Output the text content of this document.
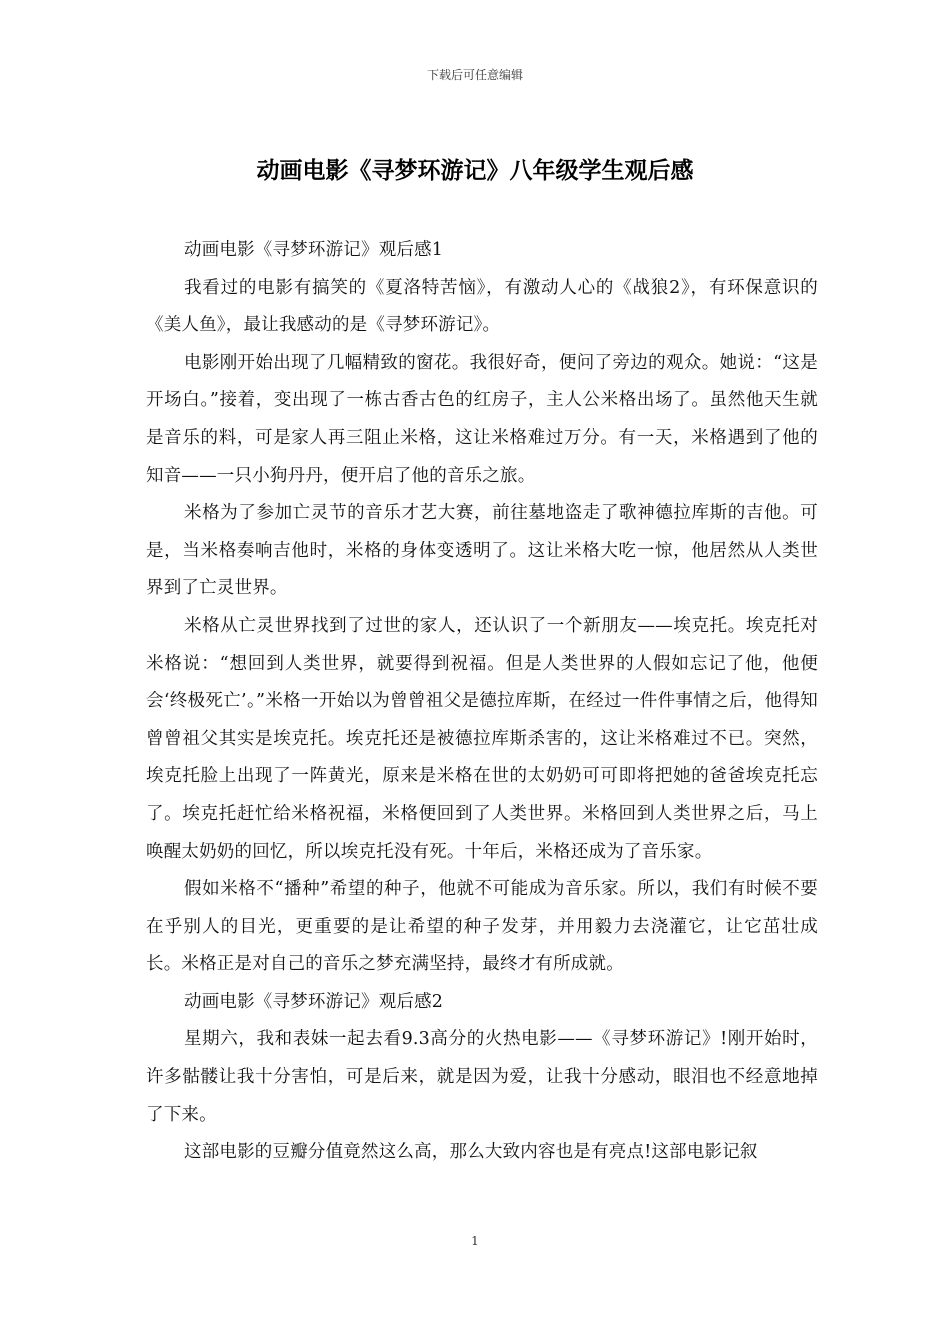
下载后可任意编辑
动画电影《寻梦环游记》八年级学生观后感

动画电影《寻梦环游记》观后感1

我看过的电影有搞笑的《夏洛特苦恼》，有激动人心的《战狼2》，有环保意识的《美人鱼》，最让我感动的是《寻梦环游记》。

电影刚开始出现了几幅精致的窗花。我很好奇，便问了旁边的观众。她说：“这是开场白。”接着，变出现了一栋古香古色的红房子，主人公米格出场了。虽然他天生就是音乐的料，可是家人再三阻止米格，这让米格难过万分。有一天，米格遇到了他的知音——一只小狗丹丹，便开启了他的音乐之旅。

米格为了参加亡灵节的音乐才艺大赛，前往墓地盗走了歌神德拉库斯的吉他。可是，当米格奏响吉他时，米格的身体变透明了。这让米格大吃一惊，他居然从人类世界到了亡灵世界。

米格从亡灵世界找到了过世的家人，还认识了一个新朋友——埃克托。埃克托对米格说：“想回到人类世界，就要得到祝福。但是人类世界的人假如忘记了他，他便会‘终极死亡’。”米格一开始以为曾曾祖父是德拉库斯，在经过一件件事情之后，他得知曾曾祖父其实是埃克托。埃克托还是被德拉库斯杀害的，这让米格难过不已。突然，埃克托脸上出现了一阵黄光，原来是米格在世的太奶奶可可即将把她的爸爸埃克托忘了。埃克托赶忙给米格祝福，米格便回到了人类世界。米格回到人类世界之后，马上唤醒太奶奶的回忆，所以埃克托没有死。十年后，米格还成为了音乐家。

假如米格不“播种”希望的种子，他就不可能成为音乐家。所以，我们有时候不要在乎别人的目光，更重要的是让希望的种子发芽，并用毅力去浇灌它，让它茁壮成长。米格正是对自己的音乐之梦充满坚持，最终才有所成就。

动画电影《寻梦环游记》观后感2

星期六，我和表妹一起去看9.3高分的火热电影——《寻梦环游记》!刚开始时，许多骷髅让我十分害怕，可是后来，就是因为爱，让我十分感动，眼泪也不经意地掉了下来。

这部电影的豆瓣分值竟然这么高，那么大致内容也是有亮点!这部电影记叙

1
